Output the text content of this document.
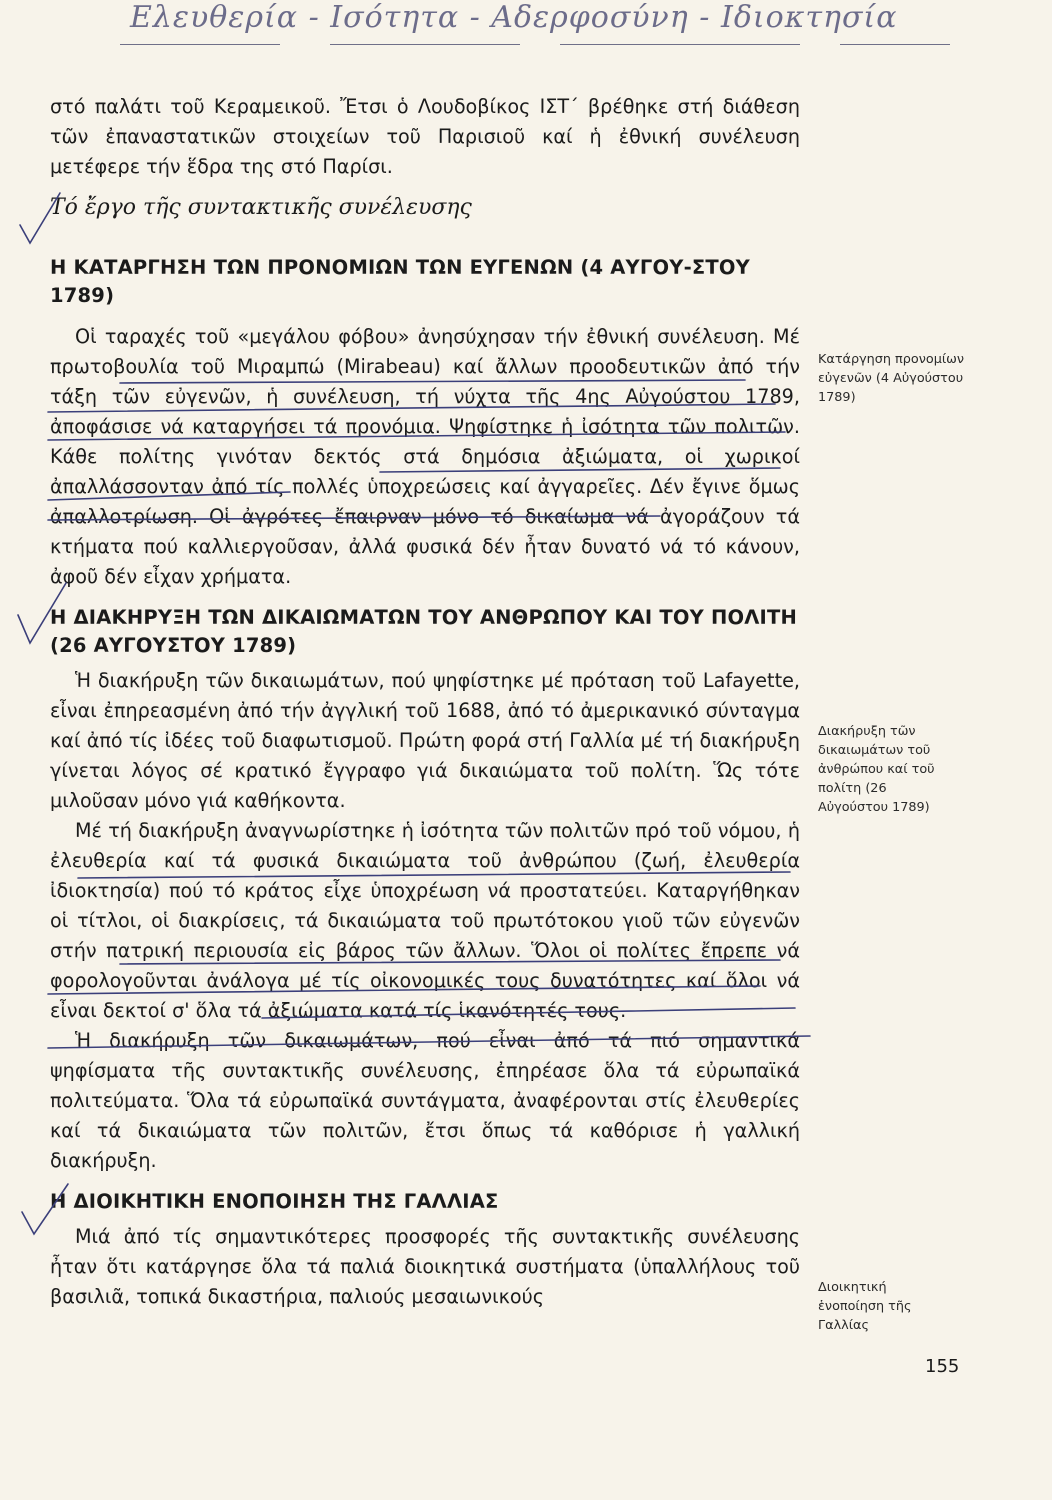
Ελευθερία - Ισότητα - Αδερφοσύνη - Ιδιοκτησία

στό παλάτι τοῦ Κεραμεικοῦ. Ἔτσι ὁ Λουδοβίκος ΙΣΤ΄ βρέθηκε στή διάθεση τῶν ἐπαναστατικῶν στοιχείων τοῦ Παρισιοῦ καί ἡ ἐθνική συνέλευση μετέφερε τήν ἕδρα της στό Παρίσι.

Τό ἔργο τῆς συντακτικῆς συνέλευσης
Η ΚΑΤΑΡΓΗΣΗ ΤΩΝ ΠΡΟΝΟΜΙΩΝ ΤΩΝ ΕΥΓΕΝΩΝ (4 ΑΥΓΟΥ-ΣΤΟΥ 1789)

Οἱ ταραχές τοῦ «μεγάλου φόβου» ἀνησύχησαν τήν ἐθνική συνέλευση. Μέ πρωτοβουλία τοῦ Μιραμπώ (Mirabeau) καί ἄλλων προοδευτικῶν ἀπό τήν τάξη τῶν εὐγενῶν, ἡ συνέλευση, τή νύχτα τῆς 4ης Αὐγούστου 1789, ἀποφάσισε νά καταργήσει τά προνόμια. Ψηφίστηκε ἡ ἰσότητα τῶν πολιτῶν. Κάθε πολίτης γινόταν δεκτός στά δημόσια ἀξιώματα, οἱ χωρικοί ἀπαλλάσσονταν ἀπό τίς πολλές ὑποχρεώσεις καί ἀγγαρεῖες. Δέν ἔγινε ὅμως ἀπαλλοτρίωση. Οἱ ἀγρότες ἔπαιρναν μόνο τό δικαίωμα νά ἀγοράζουν τά κτήματα πού καλλιεργοῦσαν, ἀλλά φυσικά δέν ἦταν δυνατό νά τό κάνουν, ἀφοῦ δέν εἶχαν χρήματα.

Η ΔΙΑΚΗΡΥΞΗ ΤΩΝ ΔΙΚΑΙΩΜΑΤΩΝ ΤΟΥ ΑΝΘΡΩΠΟΥ ΚΑΙ ΤΟΥ ΠΟΛΙΤΗ (26 ΑΥΓΟΥΣΤΟΥ 1789)

Ἡ διακήρυξη τῶν δικαιωμάτων, πού ψηφίστηκε μέ πρόταση τοῦ Lafayette, εἶναι ἐπηρεασμένη ἀπό τήν ἀγγλική τοῦ 1688, ἀπό τό ἀμερικανικό σύνταγμα καί ἀπό τίς ἰδέες τοῦ διαφωτισμοῦ. Πρώτη φορά στή Γαλλία μέ τή διακήρυξη γίνεται λόγος σέ κρατικό ἔγγραφο γιά δικαιώματα τοῦ πολίτη. Ὥς τότε μιλοῦσαν μόνο γιά καθήκοντα.

Μέ τή διακήρυξη ἀναγνωρίστηκε ἡ ἰσότητα τῶν πολιτῶν πρό τοῦ νόμου, ἡ ἐλευθερία καί τά φυσικά δικαιώματα τοῦ ἀνθρώπου (ζωή, ἐλευθερία ἰδιοκτησία) πού τό κράτος εἶχε ὑποχρέωση νά προστατεύει. Καταργήθηκαν οἱ τίτλοι, οἱ διακρίσεις, τά δικαιώματα τοῦ πρωτότοκου γιοῦ τῶν εὐγενῶν στήν πατρική περιουσία εἰς βάρος τῶν ἄλλων. Ὅλοι οἱ πολίτες ἔπρεπε νά φορολογοῦνται ἀνάλογα μέ τίς οἰκονομικές τους δυνατότητες καί ὅλοι νά εἶναι δεκτοί σ' ὅλα τά ἀξιώματα κατά τίς ἱκανότητές τους.

Ἡ διακήρυξη τῶν δικαιωμάτων, πού εἶναι ἀπό τά πιό σημαντικά ψηφίσματα τῆς συντακτικῆς συνέλευσης, ἐπηρέασε ὅλα τά εὐρωπαϊκά πολιτεύματα. Ὅλα τά εὐρωπαϊκά συντάγματα, ἀναφέρονται στίς ἐλευθερίες καί τά δικαιώματα τῶν πολιτῶν, ἔτσι ὅπως τά καθόρισε ἡ γαλλική διακήρυξη.

Η ΔΙΟΙΚΗΤΙΚΗ ΕΝΟΠΟΙΗΣΗ ΤΗΣ ΓΑΛΛΙΑΣ

Μιά ἀπό τίς σημαντικότερες προσφορές τῆς συντακτικῆς συνέλευσης ἦταν ὅτι κατάργησε ὅλα τά παλιά διοικητικά συστήματα (ὑπαλλήλους τοῦ βασιλιᾶ, τοπικά δικαστήρια, παλιούς μεσαιωνικούς

Κατάργηση προνομίων εὐγενῶν (4 Αὐγούστου 1789)
Διακήρυξη τῶν δικαιωμάτων τοῦ ἀνθρώπου καί τοῦ πολίτη (26 Αὐγούστου 1789)
Διοικητική ἑνοποίηση τῆς Γαλλίας
155
